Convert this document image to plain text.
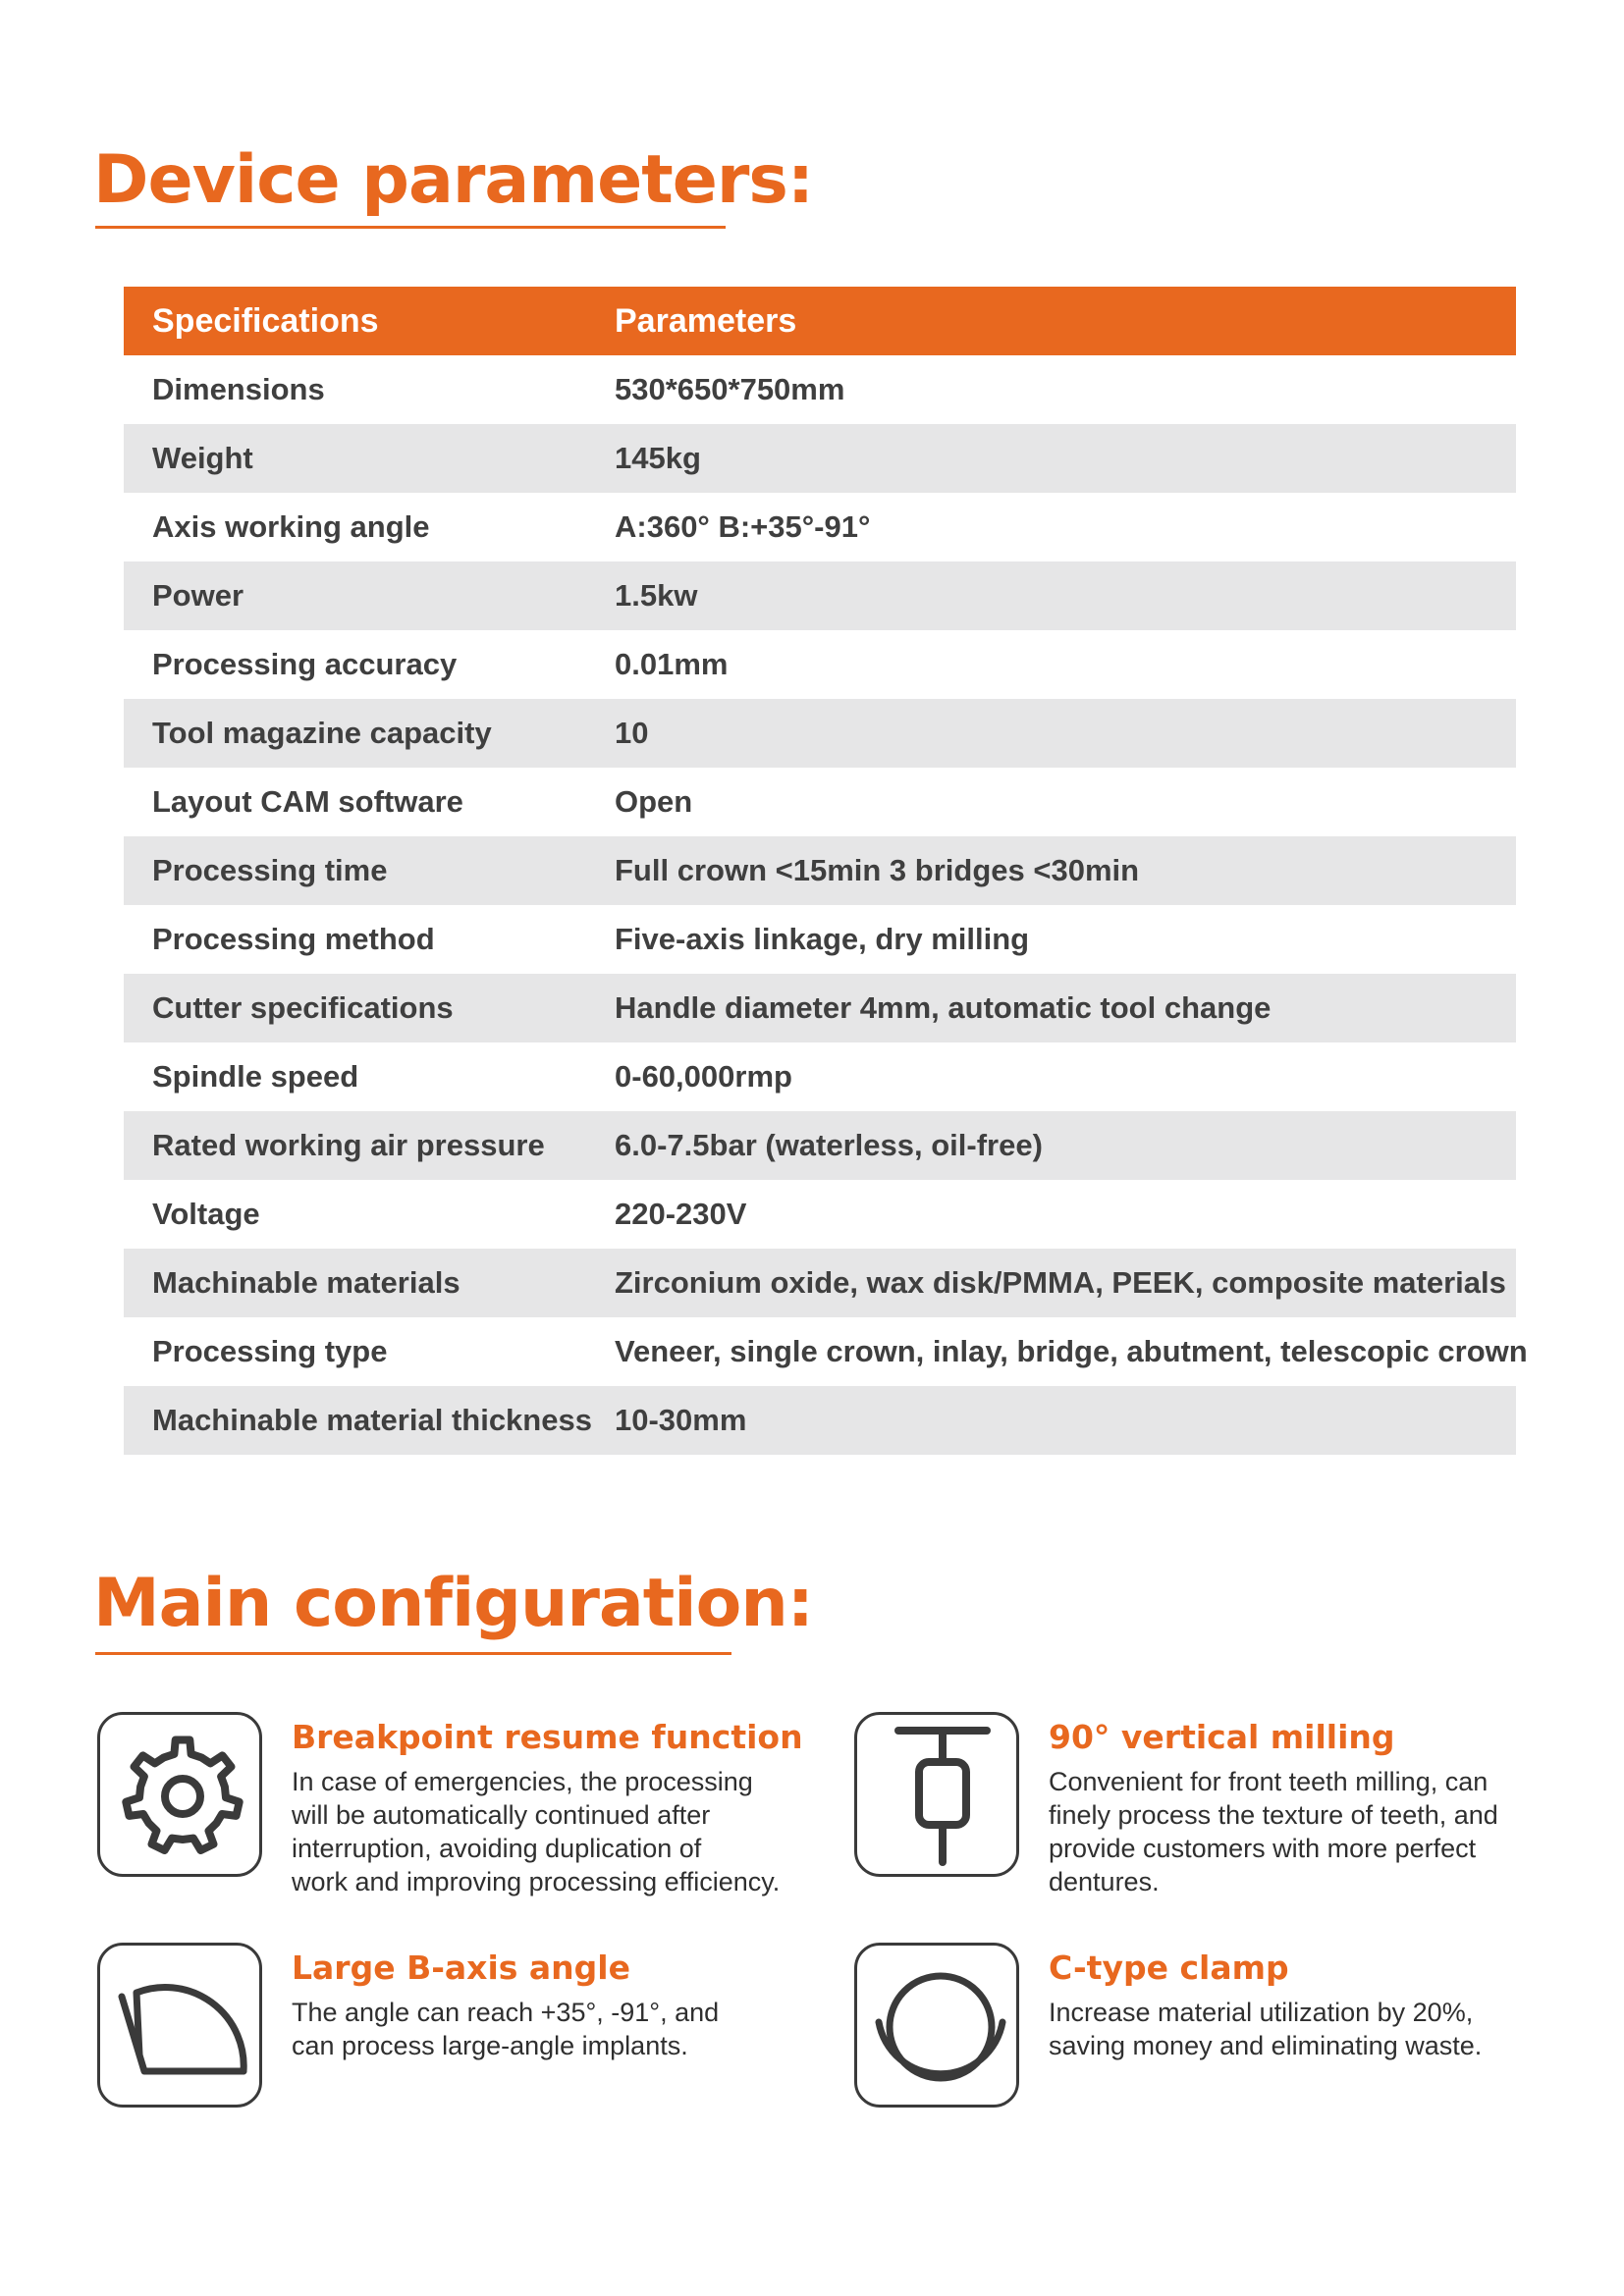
Device parameters:
Specifications	Parameters
Dimensions	530*650*750mm
Weight	145kg
Axis working angle	A:360° B:+35°-91°
Power	1.5kw
Processing accuracy	0.01mm
Tool magazine capacity	10
Layout CAM software	Open
Processing time	Full crown <15min 3 bridges <30min
Processing method	Five-axis linkage, dry milling
Cutter specifications	Handle diameter 4mm, automatic tool change
Spindle speed	0-60,000rmp
Rated working air pressure	6.0-7.5bar (waterless, oil-free)
Voltage	220-230V
Machinable materials	Zirconium oxide, wax disk/PMMA, PEEK, composite materials
Processing type	Veneer, single crown, inlay, bridge, abutment, telescopic crown
Machinable material thickness	10-30mm
Main configuration:
Breakpoint resume function
In case of emergencies, the processing
will be automatically continued after
interruption, avoiding duplication of
work and improving processing efficiency.
90° vertical milling
Convenient for front teeth milling, can
finely process the texture of teeth, and
provide customers with more perfect
dentures.
Large B-axis angle
The angle can reach +35°, -91°, and
can process large-angle implants.
C-type clamp
Increase material utilization by 20%,
saving money and eliminating waste.
